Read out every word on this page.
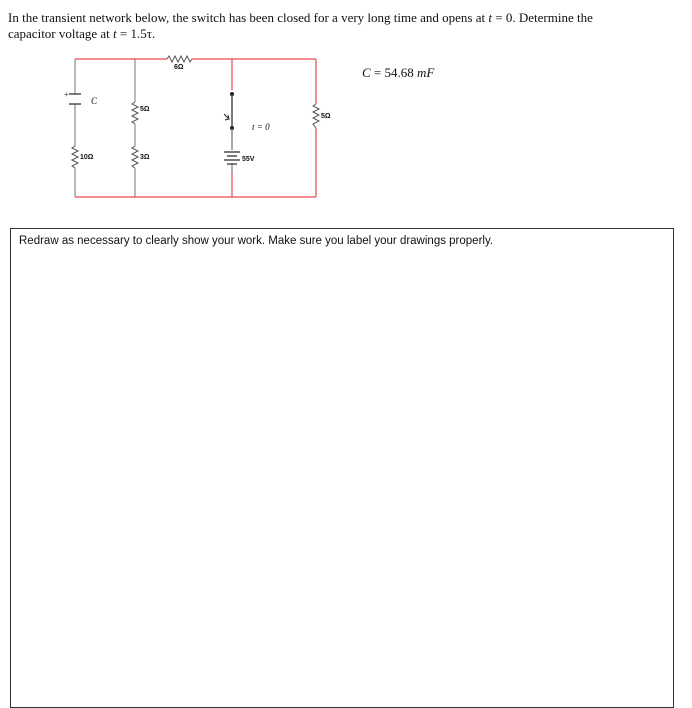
In the transient network below, the switch has been closed for a very long time and opens at t = 0. Determine the
capacitor voltage at t = 1.5τ.
6Ω
+
C
10Ω
5Ω
3Ω
t = 0
55V
5Ω
C = 54.68 mF
Redraw as necessary to clearly show your work. Make sure you label your drawings properly.
